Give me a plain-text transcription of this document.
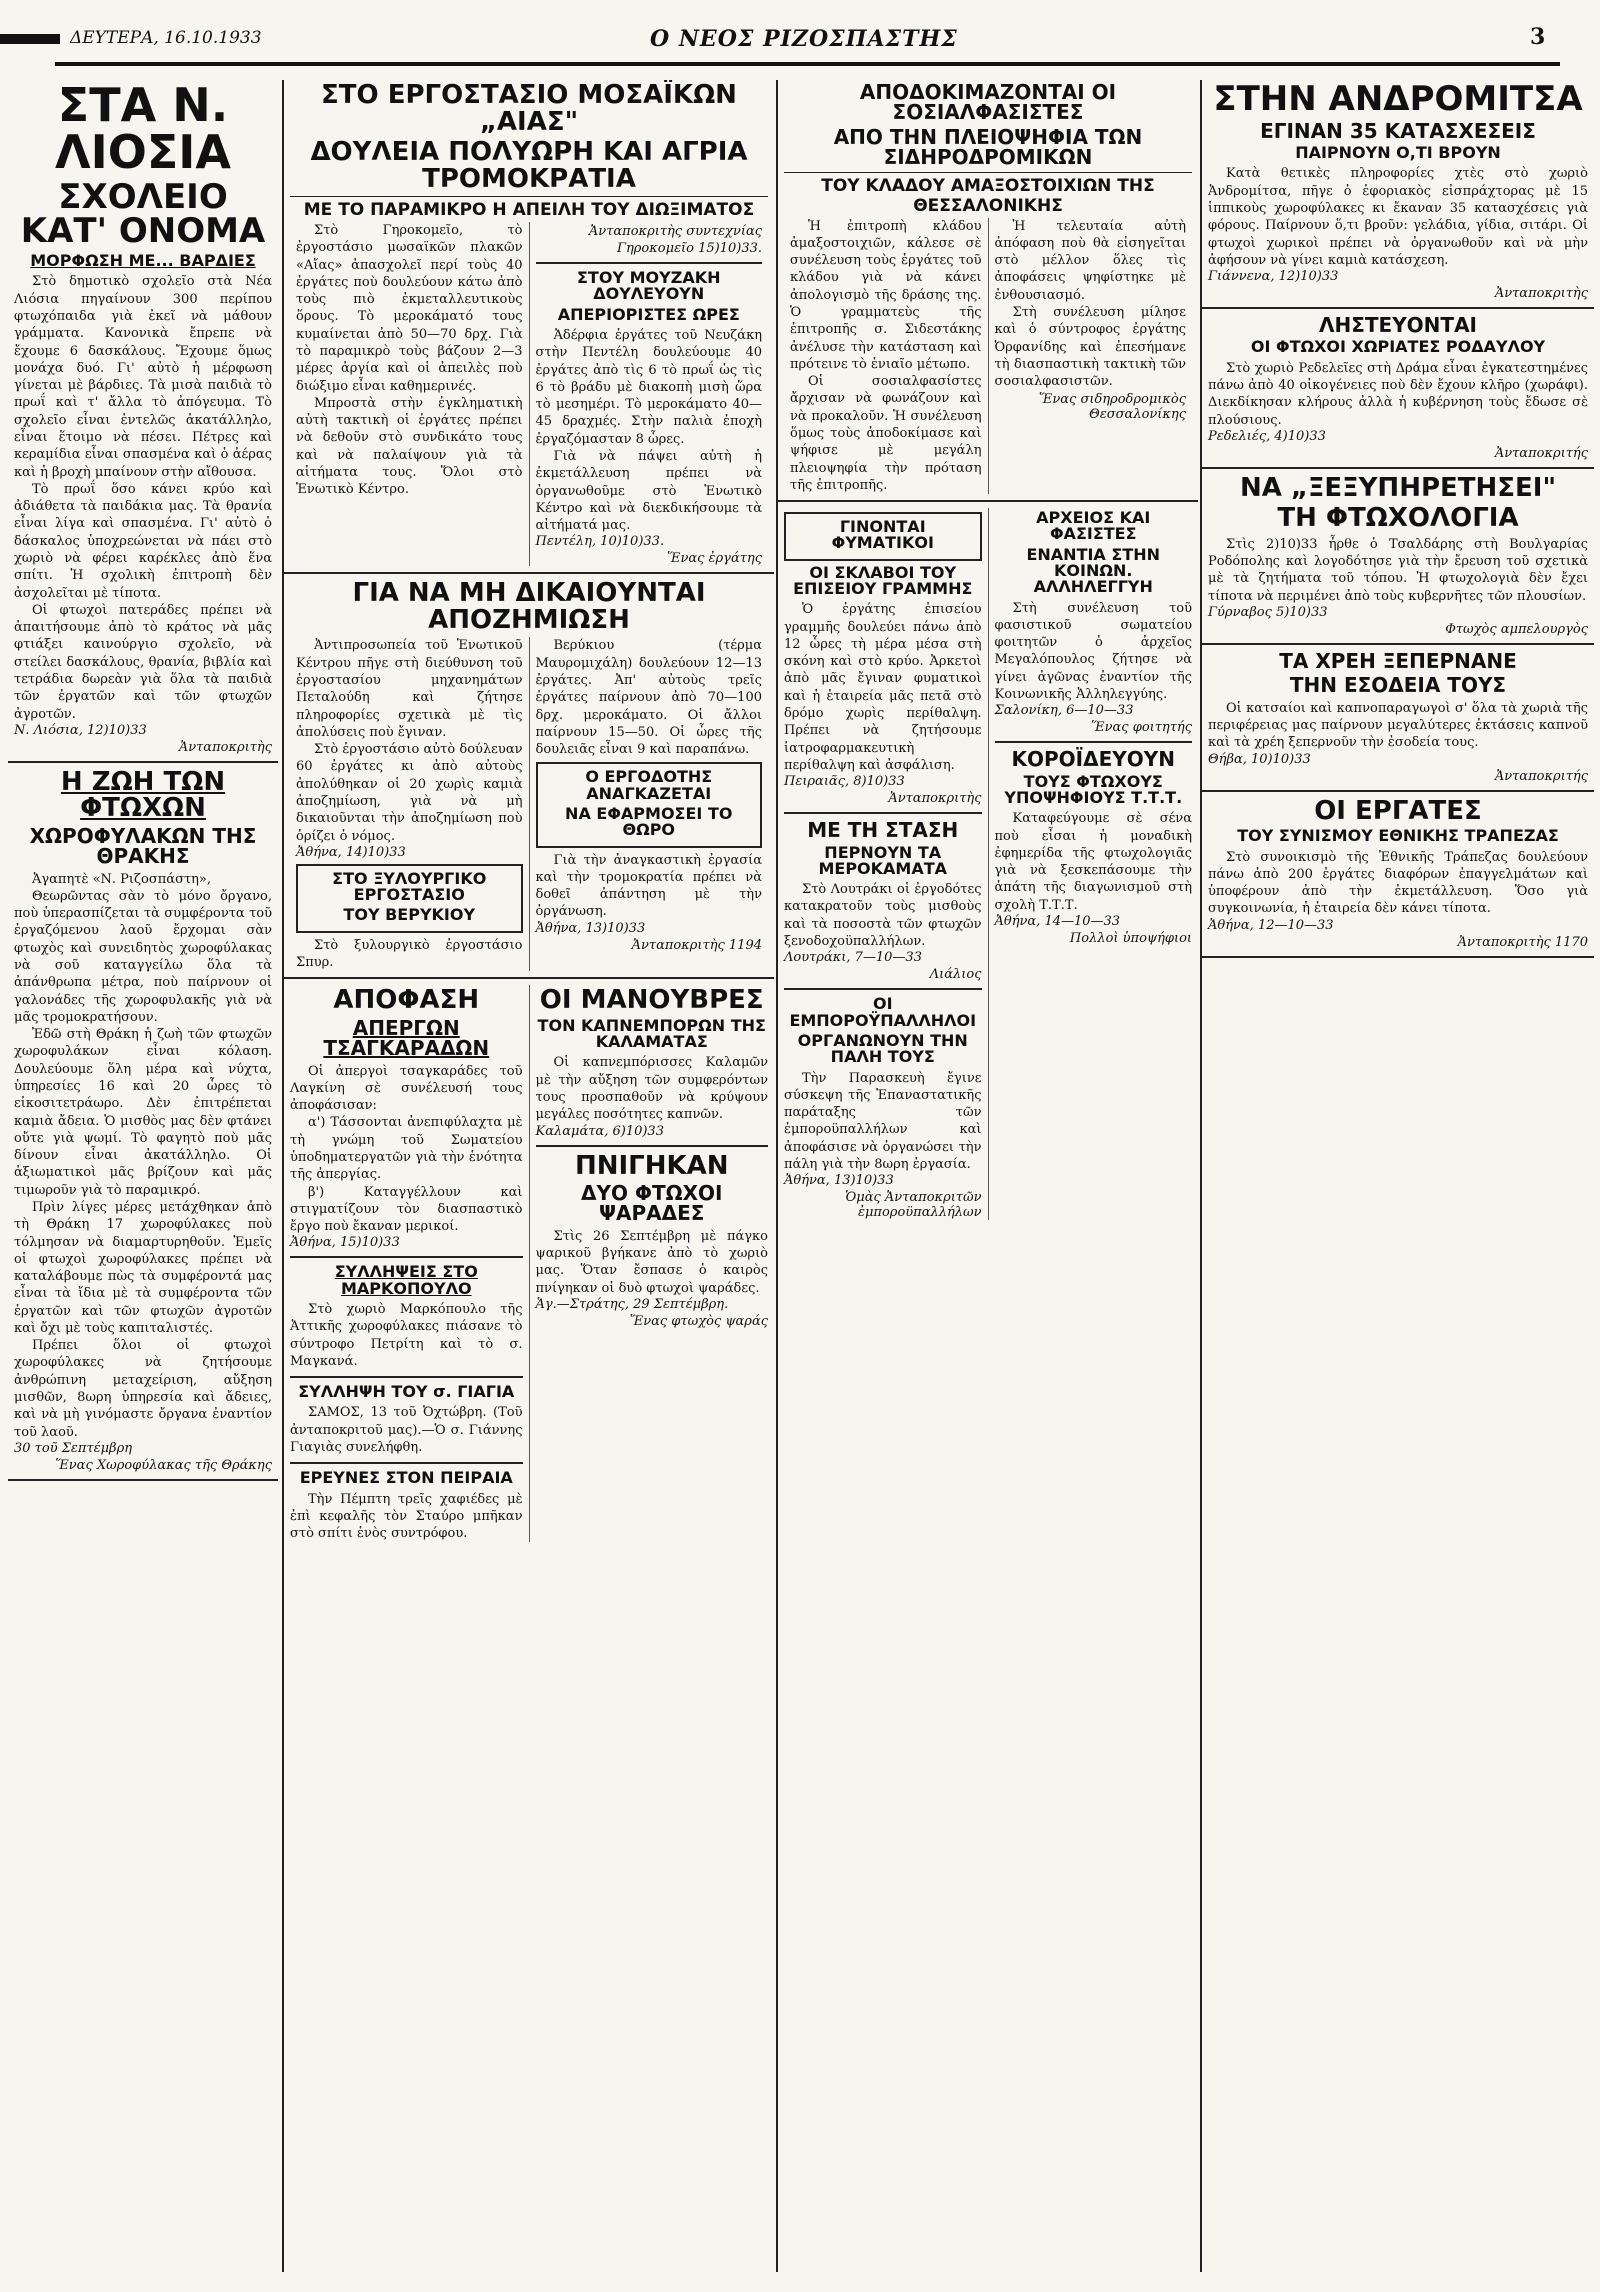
ΔΕΥΤΕΡΑ, 16.10.1933	Ο ΝΕΟΣ ΡΙΖΟΣΠΑΣΤΗΣ	3
ΣΤΑ Ν. ΛΙΟΣΙΑ
ΣΧΟΛΕΙΟ ΚΑΤ' ΟΝΟΜΑ
ΜΟΡΦΩΣΗ ΜΕ... ΒΑΡΔΙΕΣ

Στὸ δημοτικὸ σχολεῖο στὰ Νέα Λιόσια πηγαίνουν 300 περίπου φτωχόπαιδα γιὰ ἐκεῖ νὰ μάθουν γράμματα. Κανονικὰ ἔπρεπε νὰ ἔχουμε 6 δασκάλους. Ἔχουμε ὅμως μονάχα δυό. Γι' αὐτὸ ἡ μέρφωση γίνεται μὲ βάρδιες. Τὰ μισὰ παιδιὰ τὸ πρωΐ καὶ τ' ἄλλα τὸ ἀπόγευμα. Τὸ σχολεῖο εἶναι ἐντελῶς ἀκατάλληλο, εἶναι ἕτοιμο νὰ πέσει. Πέτρες καὶ κεραμίδια εἶναι σπασμένα καὶ ὁ ἀέρας καὶ ἡ βροχὴ μπαίνουν στὴν αἴθουσα.

Τὸ πρωΐ ὅσο κάνει κρύο καὶ ἀδιάθετα τὰ παιδάκια μας. Τὰ θρανία εἶναι λίγα καὶ σπασμένα. Γι' αὐτὸ ὁ δάσκαλος ὑποχρεώνεται νὰ πάει στὸ χωριὸ νὰ φέρει καρέκλες ἀπὸ ἕνα σπίτι. Ἡ σχολικὴ ἐπιτροπὴ δὲν ἀσχολεῖται μὲ τίποτα.

Οἱ φτωχοὶ πατεράδες πρέπει νὰ ἀπαιτήσουμε ἀπὸ τὸ κράτος νὰ μᾶς φτιάξει καινούργιο σχολεῖο, νὰ στείλει δασκάλους, θρανία, βιβλία καὶ τετράδια δωρεὰν γιὰ ὅλα τὰ παιδιὰ τῶν ἐργατῶν καὶ τῶν φτωχῶν ἀγροτῶν.

Ν. Λιόσια, 12)10)33
Ἀνταποκριτὴς
Η ΖΩΗ ΤΩΝ ΦΤΩΧΩΝ
ΧΩΡΟΦΥΛΑΚΩΝ ΤΗΣ ΘΡΑΚΗΣ

Ἀγαπητὲ «Ν. Ριζοσπάστη»,

Θεωρῶντας σὰν τὸ μόνο ὄργανο, ποὺ ὑπερασπίζεται τὰ συμφέροντα τοῦ ἐργαζόμενου λαοῦ ἔρχομαι σὰν φτωχὸς καὶ συνειδητὸς χωροφύλακας νὰ σοῦ καταγγείλω ὅλα τὰ ἀπάνθρωπα μέτρα, ποὺ παίρνουν οἱ γαλονάδες τῆς χωροφυλακῆς γιὰ νὰ μᾶς τρομοκρατήσουν.

Ἐδῶ στὴ Θράκη ἡ ζωὴ τῶν φτωχῶν χωροφυλάκων εἶναι κόλαση. Δουλεύουμε ὅλη μέρα καὶ νύχτα, ὑπηρεσίες 16 καὶ 20 ὧρες τὸ εἰκοσιτετράωρο. Δὲν ἐπιτρέπεται καμιὰ ἄδεια. Ὁ μισθὸς μας δὲν φτάνει οὔτε γιὰ ψωμί. Τὸ φαγητὸ ποὺ μᾶς δίνουν εἶναι ἀκατάλληλο. Οἱ ἀξιωματικοὶ μᾶς βρίζουν καὶ μᾶς τιμωροῦν γιὰ τὸ παραμικρό.

Πρὶν λίγες μέρες μετάχθηκαν ἀπὸ τὴ Θράκη 17 χωροφύλακες ποὺ τόλμησαν νὰ διαμαρτυρηθοῦν. Ἐμεῖς οἱ φτωχοὶ χωροφύλακες πρέπει νὰ καταλάβουμε πὼς τὰ συμφέροντά μας εἶναι τὰ ἴδια μὲ τὰ συμφέροντα τῶν ἐργατῶν καὶ τῶν φτωχῶν ἀγροτῶν καὶ ὄχι μὲ τοὺς καπιταλιστές.

Πρέπει ὅλοι οἱ φτωχοὶ χωροφύλακες νὰ ζητήσουμε ἀνθρώπινη μεταχείριση, αὔξηση μισθῶν, 8ωρη ὑπηρεσία καὶ ἄδειες, καὶ νὰ μὴ γινόμαστε ὄργανα ἐναντίον τοῦ λαοῦ.

30 τοῦ Σεπτέμβρη
Ἕνας Χωροφύλακας τῆς Θράκης
ΣΤΟ ΕΡΓΟΣΤΑΣΙΟ ΜΟΣΑΪΚΩΝ „ΑΙΑΣ"
ΔΟΥΛΕΙΑ ΠΟΛΥΩΡΗ ΚΑΙ ΑΓΡΙΑ ΤΡΟΜΟΚΡΑΤΙΑ
ΜΕ ΤΟ ΠΑΡΑΜΙΚΡΟ Η ΑΠΕΙΛΗ ΤΟΥ ΔΙΩΞΙΜΑΤΟΣ

Στὸ Γηροκομεῖο, τὸ ἐργοστάσιο μωσαϊκῶν πλακῶν «Αἴας» ἀπασχολεῖ περί τοὺς 40 ἐργάτες ποὺ δουλεύουν κάτω ἀπὸ τοὺς πιὸ ἐκμεταλλευτικοὺς ὅρους. Τὸ μεροκάματό τους κυμαίνεται ἀπὸ 50—70 δρχ. Γιὰ τὸ παραμικρὸ τοὺς βάζουν 2—3 μέρες ἀργία καὶ οἱ ἀπειλὲς ποὺ διώξιμο εἶναι καθημερινές.

Μπροστὰ στὴν ἐγκληματικὴ αὐτὴ τακτικὴ οἱ ἐργάτες πρέπει νὰ δεθοῦν στὸ συνδικάτο τους καὶ νὰ παλαίψουν γιὰ τὰ αἰτήματα τους. Ὅλοι στὸ Ἑνωτικὸ Κέντρο.

Ἀνταποκριτὴς συντεχνίας
Γηροκομεῖο 15)10)33.
ΣΤΟΥ ΜΟΥΖΑΚΗ ΔΟΥΛΕΥΟΥΝ
ΑΠΕΡΙΟΡΙΣΤΕΣ ΩΡΕΣ

Ἀδέρφια ἐργάτες τοῦ Νευζάκη στὴν Πεντέλη δουλεύουμε 40 ἐργάτες ἀπὸ τὶς 6 τὸ πρωΐ ὡς τὶς 6 τὸ βράδυ μὲ διακοπὴ μισὴ ὥρα τὸ μεσημέρι. Τὸ μεροκάματο 40—45 δραχμές. Στὴν παλιὰ ἐποχὴ ἐργαζόμασταν 8 ὧρες.

Γιὰ νὰ πάψει αὐτὴ ἡ ἐκμετάλλευση πρέπει νὰ ὀργανωθοῦμε στὸ Ἑνωτικὸ Κέντρο καὶ νὰ διεκδικήσουμε τὰ αἰτήματά μας.

Πεντέλη, 10)10)33.
Ἕνας ἐργάτης
ΓΙΑ ΝΑ ΜΗ ΔΙΚΑΙΟΥΝΤΑΙ ΑΠΟΖΗΜΙΩΣΗ

Ἀντιπροσωπεία τοῦ Ἑνωτικοῦ Κέντρου πῆγε στὴ διεύθυνση τοῦ ἐργοστασίου μηχανημάτων Πεταλούδη καὶ ζήτησε πληροφορίες σχετικὰ μὲ τὶς ἀπολύσεις ποὺ ἔγιναν.

Στὸ ἐργοστάσιο αὐτὸ δούλευαν 60 ἐργάτες κι ἀπὸ αὐτοὺς ἀπολύθηκαν οἱ 20 χωρὶς καμιὰ ἀποζημίωση, γιὰ νὰ μὴ δικαιοῦνται τὴν ἀποζημίωση ποὺ ὁρίζει ὁ νόμος.

Ἀθήνα, 14)10)33
ΣΤΟ ΞΥΛΟΥΡΓΙΚΟ ΕΡΓΟΣΤΑΣΙΟ
ΤΟΥ ΒΕΡΥΚΙΟΥ

Στὸ ξυλουργικὸ ἐργοστάσιο Σπυρ.

Βερύκιου (τέρμα Μαυρομιχάλη) δουλεύουν 12—13 ἐργάτες. Ἀπ' αὐτοὺς τρεῖς ἐργάτες παίρνουν ἀπὸ 70—100 δρχ. μεροκάματο. Οἱ ἄλλοι παίρνουν 15—50. Οἱ ὧρες τῆς δουλειᾶς εἶναι 9 καὶ παραπάνω.

Ο ΕΡΓΟΔΟΤΗΣ ΑΝΑΓΚΑΖΕΤΑΙ
ΝΑ ΕΦΑΡΜΟΣΕΙ ΤΟ ΘΩΡΟ

Γιὰ τὴν ἀναγκαστικὴ ἐργασία καὶ τὴν τρομοκρατία πρέπει νὰ δοθεῖ ἀπάντηση μὲ τὴν ὀργάνωση.

Ἀθήνα, 13)10)33
Ἀνταποκριτὴς 1194
ΑΠΟΦΑΣΗ
ΑΠΕΡΓΩΝ ΤΣΑΓΚΑΡΑΔΩΝ

Οἱ ἀπεργοὶ τσαγκαράδες τοῦ Λαγκίνη σὲ συνέλευσή τους ἀποφάσισαν:

α') Τάσσονται ἀνεπιφύλαχτα μὲ τὴ γνώμη τοῦ Σωματείου ὑποδηματεργατῶν γιὰ τὴν ἑνότητα τῆς ἀπεργίας.

β') Καταγγέλλουν καὶ στιγματίζουν τὸν διασπαστικὸ ἔργο ποὺ ἔκαναν μερικοί.

Ἀθήνα, 15)10)33
ΣΥΛΛΗΨΕΙΣ ΣΤΟ ΜΑΡΚΟΠΟΥΛΟ

Στὸ χωριὸ Μαρκόπουλο τῆς Ἀττικῆς χωροφύλακες πιάσανε τὸ σύντροφο Πετρίτη καὶ τὸ σ. Μαγκανά.

ΣΥΛΛΗΨΗ ΤΟΥ σ. ΓΙΑΓΙΑ

ΣΑΜΟΣ, 13 τοῦ Ὀχτώβρη. (Τοῦ ἀνταποκριτοῦ μας).—Ὁ σ. Γιάννης Γιαγιὰς συνελήφθη.

ΕΡΕΥΝΕΣ ΣΤΟΝ ΠΕΙΡΑΙΑ

Τὴν Πέμπτη τρεῖς χαφιέδες μὲ ἐπὶ κεφαλῆς τὸν Σταύρο μπῆκαν στὸ σπίτι ἑνὸς συντρόφου.

ΟΙ ΜΑΝΟΥΒΡΕΣ
ΤΟΝ ΚΑΠΝΕΜΠΟΡΩΝ ΤΗΣ ΚΑΛΑΜΑΤΑΣ

Οἱ καπνεμπόρισσες Καλαμῶν μὲ τὴν αὔξηση τῶν συμφερόντων τους προσπαθοῦν νὰ κρύψουν μεγάλες ποσότητες καπνῶν.

Καλαμάτα, 6)10)33
ΠΝΙΓΗΚΑΝ
ΔΥΟ ΦΤΩΧΟΙ ΨΑΡΑΔΕΣ

Στὶς 26 Σεπτέμβρη μὲ πάγκο ψαρικοῦ βγήκανε ἀπὸ τὸ χωριὸ μας. Ὅταν ἔσπασε ὁ καιρὸς πνίγηκαν οἱ δυὸ φτωχοὶ ψαράδες.

Ἁγ.—Στράτης, 29 Σεπτέμβρη.
Ἕνας φτωχὸς ψαράς
ΑΠΟΔΟΚΙΜΑΖΟΝΤΑΙ ΟΙ ΣΟΣΙΑΛΦΑΣΙΣΤΕΣ
ΑΠΟ ΤΗΝ ΠΛΕΙΟΨΗΦΙΑ ΤΩΝ ΣΙΔΗΡΟΔΡΟΜΙΚΩΝ
ΤΟΥ ΚΛΑΔΟΥ ΑΜΑΞΟΣΤΟΙΧΙΩΝ ΤΗΣ ΘΕΣΣΑΛΟΝΙΚΗΣ

Ἡ ἐπιτροπὴ κλάδου ἀμαξοστοιχιῶν, κάλεσε σὲ συνέλευση τοὺς ἐργάτες τοῦ κλάδου γιὰ νὰ κάνει ἀπολογισμὸ τῆς δράσης της. Ὁ γραμματεὺς τῆς ἐπιτροπῆς σ. Σιδεστάκης ἀνέλυσε τὴν κατάσταση καὶ πρότεινε τὸ ἑνιαῖο μέτωπο.

Οἱ σοσιαλφασίστες ἄρχισαν νὰ φωνάζουν καὶ νὰ προκαλοῦν. Ἡ συνέλευση ὅμως τοὺς ἀποδοκίμασε καὶ ψήφισε μὲ μεγάλη πλειοψηφία τὴν πρόταση τῆς ἐπιτροπῆς.

Ἡ τελευταία αὐτὴ ἀπόφαση ποὺ θὰ εἰσηγεῖται στὸ μέλλον ὅλες τὶς ἀποφάσεις ψηφίστηκε μὲ ἐνθουσιασμό.

Στὴ συνέλευση μίλησε καὶ ὁ σύντροφος ἐργάτης Ὀρφανίδης καὶ ἐπεσήμανε τὴ διασπαστικὴ τακτικὴ τῶν σοσιαλφασιστῶν.

Ἕνας σιδηροδρομικὸς Θεσσαλονίκης
ΓΙΝΟΝΤΑΙ ΦΥΜΑΤΙΚΟΙ
ΟΙ ΣΚΛΑΒΟΙ ΤΟΥ ΕΠΙΣΕΙΟΥ ΓΡΑΜΜΗΣ

Ὁ ἐργάτης ἐπισείου γραμμῆς δουλεύει πάνω ἀπὸ 12 ὧρες τὴ μέρα μέσα στὴ σκόνη καὶ στὸ κρύο. Ἀρκετοὶ ἀπὸ μᾶς ἔγιναν φυματικοὶ καὶ ἡ ἑταιρεία μᾶς πετᾶ στὸ δρόμο χωρὶς περίθαλψη. Πρέπει νὰ ζητήσουμε ἰατροφαρμακευτικὴ περίθαλψη καὶ ἀσφάλιση.

Πειραιᾶς, 8)10)33
Ἀνταποκριτὴς
ΜΕ ΤΗ ΣΤΑΣΗ
ΠΕΡΝΟΥΝ ΤΑ ΜΕΡΟΚΑΜΑΤΑ

Στὸ Λουτράκι οἱ ἐργοδότες κατακρατοῦν τοὺς μισθοὺς καὶ τὰ ποσοστὰ τῶν φτωχῶν ξενοδοχοϋπαλλήλων.

Λουτράκι, 7—10—33
Λιάλιος
ΟΙ ΕΜΠΟΡΟΫΠΑΛΛΗΛΟΙ
ΟΡΓΑΝΩΝΟΥΝ ΤΗΝ ΠΑΛΗ ΤΟΥΣ

Τὴν Παρασκευὴ ἔγινε σύσκεψη τῆς Ἐπαναστατικῆς παράταξης τῶν ἐμποροϋπαλλήλων καὶ ἀποφάσισε νὰ ὀργανώσει τὴν πάλη γιὰ τὴν 8ωρη ἐργασία.

Ἀθήνα, 13)10)33
Ὁμὰς Ἀνταποκριτῶν ἐμποροϋπαλλήλων
ΑΡΧΕΙΟΣ ΚΑΙ ΦΑΣΙΣΤΕΣ
ΕΝΑΝΤΙΑ ΣΤΗΝ ΚΟΙΝΩΝ. ΑΛΛΗΛΕΓΓΥΗ

Στὴ συνέλευση τοῦ φασιστικοῦ σωματείου φοιτητῶν ὁ ἀρχεῖος Μεγαλόπουλος ζήτησε νὰ γίνει ἀγῶνας ἐναντίον τῆς Κοινωνικῆς Ἀλληλεγγύης.

Σαλονίκη, 6—10—33
Ἕνας φοιτητής
ΚΟΡΟΪΔΕΥΟΥΝ
ΤΟΥΣ ΦΤΩΧΟΥΣ ΥΠΟΨΗΦΙΟΥΣ Τ.Τ.Τ.

Καταφεύγουμε σὲ σένα ποὺ εἶσαι ἡ μοναδικὴ ἐφημερίδα τῆς φτωχολογιᾶς γιὰ νὰ ξεσκεπάσουμε τὴν ἀπάτη τῆς διαγωνισμοῦ στὴ σχολὴ Τ.Τ.Τ.

Ἀθήνα, 14—10—33
Πολλοὶ ὑποψήφιοι
ΣΤΗΝ ΑΝΔΡΟΜΙΤΣΑ
ΕΓΙΝΑΝ 35 ΚΑΤΑΣΧΕΣΕΙΣ
ΠΑΙΡΝΟΥΝ Ο,ΤΙ ΒΡΟΥΝ

Κατὰ θετικὲς πληροφορίες χτὲς στὸ χωριὸ Ἀνδρομίτσα, πῆγε ὁ ἐφοριακὸς εἰσπράχτορας μὲ 15 ἱππικοὺς χωροφύλακες κι ἔκαναν 35 κατασχέσεις γιὰ φόρους. Παίρνουν ὅ,τι βροῦν: γελάδια, γίδια, σιτάρι. Οἱ φτωχοὶ χωρικοὶ πρέπει νὰ ὀργανωθοῦν καὶ νὰ μὴν ἀφήσουν νὰ γίνει καμιὰ κατάσχεση.

Γιάννενα, 12)10)33
Ἀνταποκριτὴς
ΛΗΣΤΕΥΟΝΤΑΙ
ΟΙ ΦΤΩΧΟΙ ΧΩΡΙΑΤΕΣ ΡΟΔΑΥΛΟΥ

Στὸ χωριὸ Ρεδελεῖες στὴ Δράμα εἶναι ἐγκατεστημένες πάνω ἀπὸ 40 οἰκογένειες ποὺ δὲν ἔχουν κλῆρο (χωράφι). Διεκδίκησαν κλήρους ἀλλὰ ἡ κυβέρνηση τοὺς ἔδωσε σὲ πλούσιους.

Ρεδελιές, 4)10)33
Ἀνταποκριτής
ΝΑ „ΞΕΞΥΠΗΡΕΤΗΣΕΙ"
ΤΗ ΦΤΩΧΟΛΟΓΙΑ

Στὶς 2)10)33 ἦρθε ὁ Τσαλδάρης στὴ Βουλγαρίας Ροδόπολης καὶ λογοδότησε γιὰ τὴν ἔρευση τοῦ σχετικὰ μὲ τὰ ζητήματα τοῦ τόπου. Ἡ φτωχολογιὰ δὲν ἔχει τίποτα νὰ περιμένει ἀπὸ τοὺς κυβερνῆτες τῶν πλουσίων.

Γύρναβος 5)10)33
Φτωχὸς αμπελουργὸς
ΤΑ ΧΡΕΗ ΞΕΠΕΡΝΑΝΕ
ΤΗΝ ΕΣΟΔΕΙΑ ΤΟΥΣ

Οἱ κατσαίοι καὶ καπνοπαραγωγοὶ σ' ὅλα τὰ χωριὰ τῆς περιφέρειας μας παίρνουν μεγαλύτερες ἐκτάσεις καπνοῦ καὶ τὰ χρέη ξεπερνοῦν τὴν ἐσοδεία τους.

Θήβα, 10)10)33
Ἀνταποκριτής
ΟΙ ΕΡΓΑΤΕΣ
ΤΟΥ ΣΥΝΙΣΜΟΥ ΕΘΝΙΚΗΣ ΤΡΑΠΕΖΑΣ

Στὸ συνοικισμὸ τῆς Ἐθνικῆς Τράπεζας δουλεύουν πάνω ἀπὸ 200 ἐργάτες διαφόρων ἐπαγγελμάτων καὶ ὑποφέρουν ἀπὸ τὴν ἐκμετάλλευση. Ὅσο γιὰ συγκοινωνία, ἡ ἑταιρεία δὲν κάνει τίποτα.

Ἀθήνα, 12—10—33
Ἀνταποκριτὴς 1170
